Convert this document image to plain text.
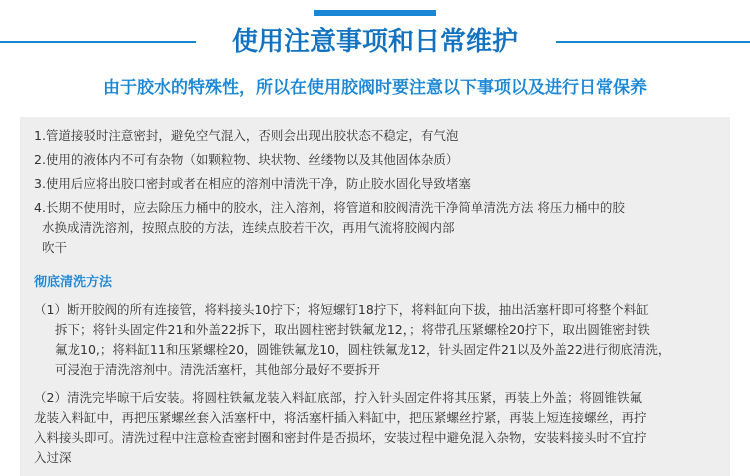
使用注意事项和日常维护
由于胶水的特殊性，所以在使用胶阀时要注意以下事项以及进行日常保养
1.管道接驳时注意密封，避免空气混入，否则会出现出胶状态不稳定，有气泡
2.使用的液体内不可有杂物（如颗粒物、块状物、丝缕物以及其他固体杂质）
3.使用后应将出胶口密封或者在相应的溶剂中清洗干净，防止胶水固化导致堵塞
4.长期不使用时，应去除压力桶中的胶水，注入溶剂，将管道和胶阀清洗干净简单清洗方法 将压力桶中的胶
水换成清洗溶剂，按照点胶的方法，连续点胶若干次，再用气流将胶阀内部
吹干
彻底清洗方法
（1）断开胶阀的所有连接管，将料接头10拧下；将短螺钉18拧下，将料缸向下拔，抽出活塞杆即可将整个料缸
拆下；将针头固定件21和外盖22拆下，取出圆柱密封铁氟龙12，；将带孔压紧螺栓20拧下，取出圆锥密封铁
氟龙10,；将料缸11和压紧螺栓20，圆锥铁氟龙10，圆柱铁氟龙12，针头固定件21以及外盖22进行彻底清洗，
可浸泡于清洗溶剂中。清洗活塞杆，其他部分最好不要拆开
（2）清洗完毕晾干后安装。将圆柱铁氟龙装入料缸底部，拧入针头固定件将其压紧，再装上外盖；将圆锥铁氟
龙装入料缸中，再把压紧螺丝套入活塞杆中，将活塞杆插入料缸中，把压紧螺丝拧紧，再装上短连接螺丝，再拧
入料接头即可。清洗过程中注意检查密封圈和密封件是否损坏，安装过程中避免混入杂物，安装料接头时不宜拧
入过深
